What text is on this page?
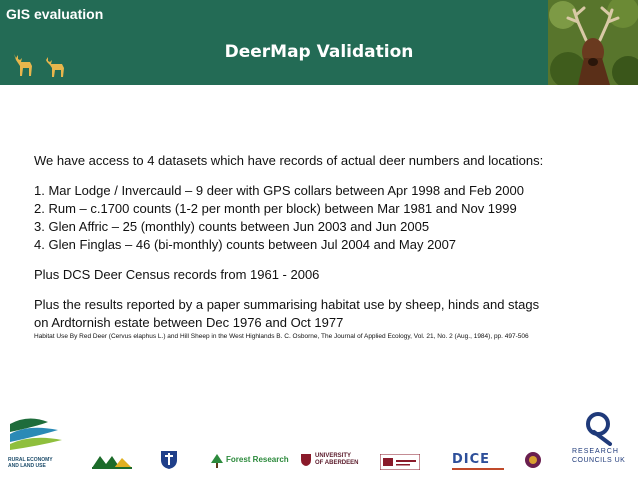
GIS evaluation
DeerMap Validation

We have access to 4 datasets which have records of actual deer numbers and locations:

1. Mar Lodge / Invercauld – 9 deer with GPS collars between Apr 1998 and Feb 2000

2. Rum – c.1700 counts (1-2 per month per block) between Mar 1981 and Nov 1999

3. Glen Affric – 25 (monthly) counts between Jun 2003 and Jun 2005

4. Glen Finglas – 46 (bi-monthly) counts between Jul 2004 and May 2007

Plus DCS Deer Census records from 1961 - 2006

Plus the results reported by a paper summarising habitat use by sheep, hinds and stags

on Ardtornish estate between Dec 1976 and Oct 1977

Habitat Use By Red Deer (Cervus elaphus L.) and Hill Sheep in the West Highlands B. C. Osborne, The Journal of Applied Ecology, Vol. 21, No. 2 (Aug., 1984), pp. 497-506

RURAL ECONOMY
AND LAND USE
Forest Research	UNIVERSITY
OF ABERDEEN	DICE
RESEARCH
COUNCILS UK
